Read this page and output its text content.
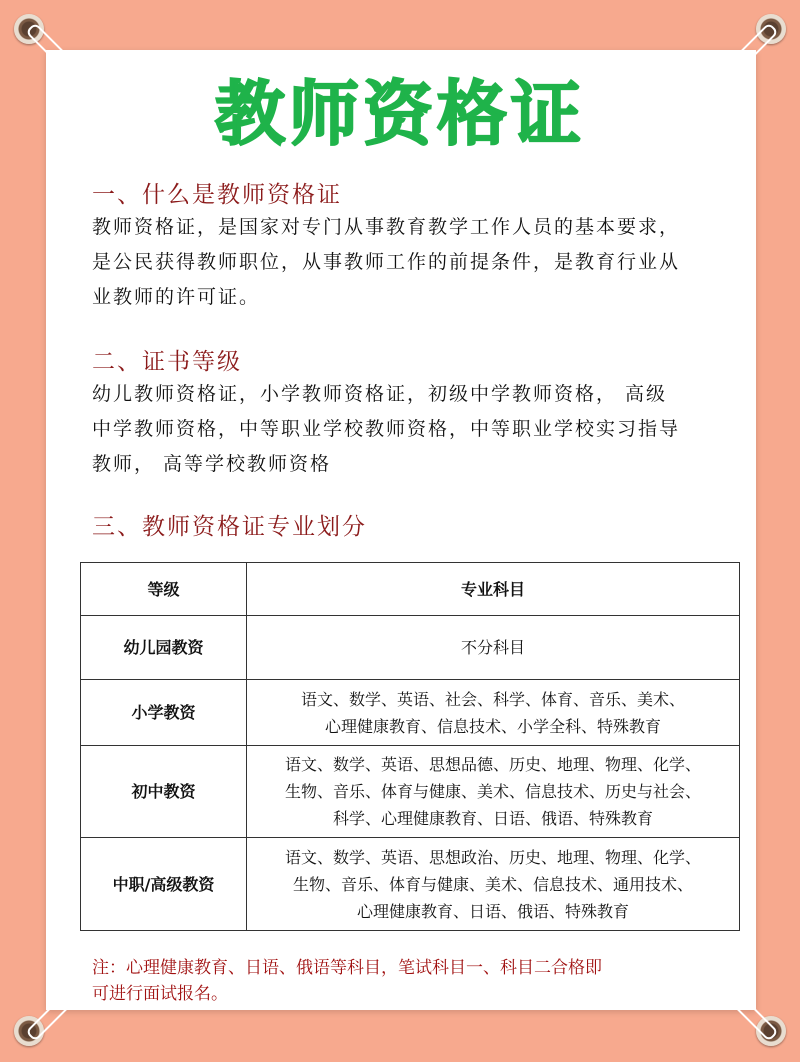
教师资格证
一、什么是教师资格证
教师资格证，是国家对专门从事教育教学工作人员的基本要求，
是公民获得教师职位，从事教师工作的前提条件，是教育行业从
业教师的许可证。
二、证书等级
幼儿教师资格证，小学教师资格证，初级中学教师资格， 高级
中学教师资格，中等职业学校教师资格，中等职业学校实习指导
教师， 高等学校教师资格
三、教师资格证专业划分
等级	专业科目
幼儿园教资	不分科目

小学教资	语文、数学、英语、社会、科学、体育、音乐、美术、
心理健康教育、信息技术、小学全科、特殊教育

初中教资	语文、数学、英语、思想品德、历史、地理、物理、化学、
生物、音乐、体育与健康、美术、信息技术、历史与社会、
科学、心理健康教育、日语、俄语、特殊教育

中职/高级教资	语文、数学、英语、思想政治、历史、地理、物理、化学、
生物、音乐、体育与健康、美术、信息技术、通用技术、
心理健康教育、日语、俄语、特殊教育
注：心理健康教育、日语、俄语等科目，笔试科目一、科目二合格即
可进行面试报名。
